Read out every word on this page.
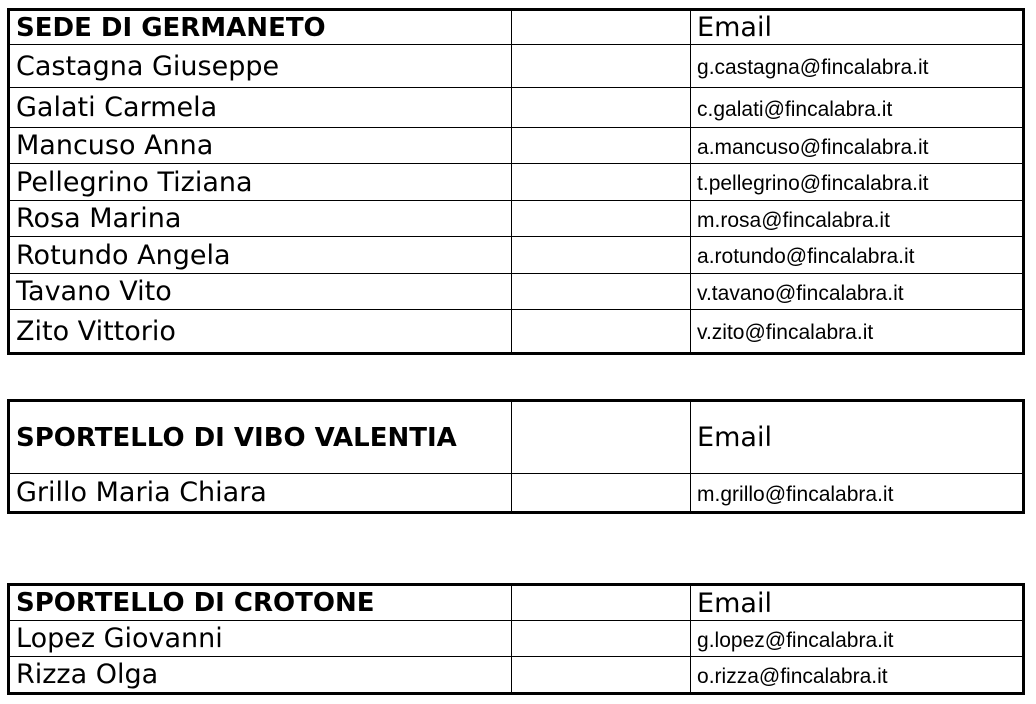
SEDE DI GERMANETO		Email
Castagna Giuseppe		g.castagna@fincalabra.it
Galati Carmela		c.galati@fincalabra.it
Mancuso Anna		a.mancuso@fincalabra.it
Pellegrino Tiziana		t.pellegrino@fincalabra.it
Rosa Marina		m.rosa@fincalabra.it
Rotundo Angela		a.rotundo@fincalabra.it
Tavano Vito		v.tavano@fincalabra.it
Zito Vittorio		v.zito@fincalabra.it
SPORTELLO DI VIBO VALENTIA		Email
Grillo Maria Chiara		m.grillo@fincalabra.it
SPORTELLO DI CROTONE		Email
Lopez Giovanni		g.lopez@fincalabra.it
Rizza Olga		o.rizza@fincalabra.it
